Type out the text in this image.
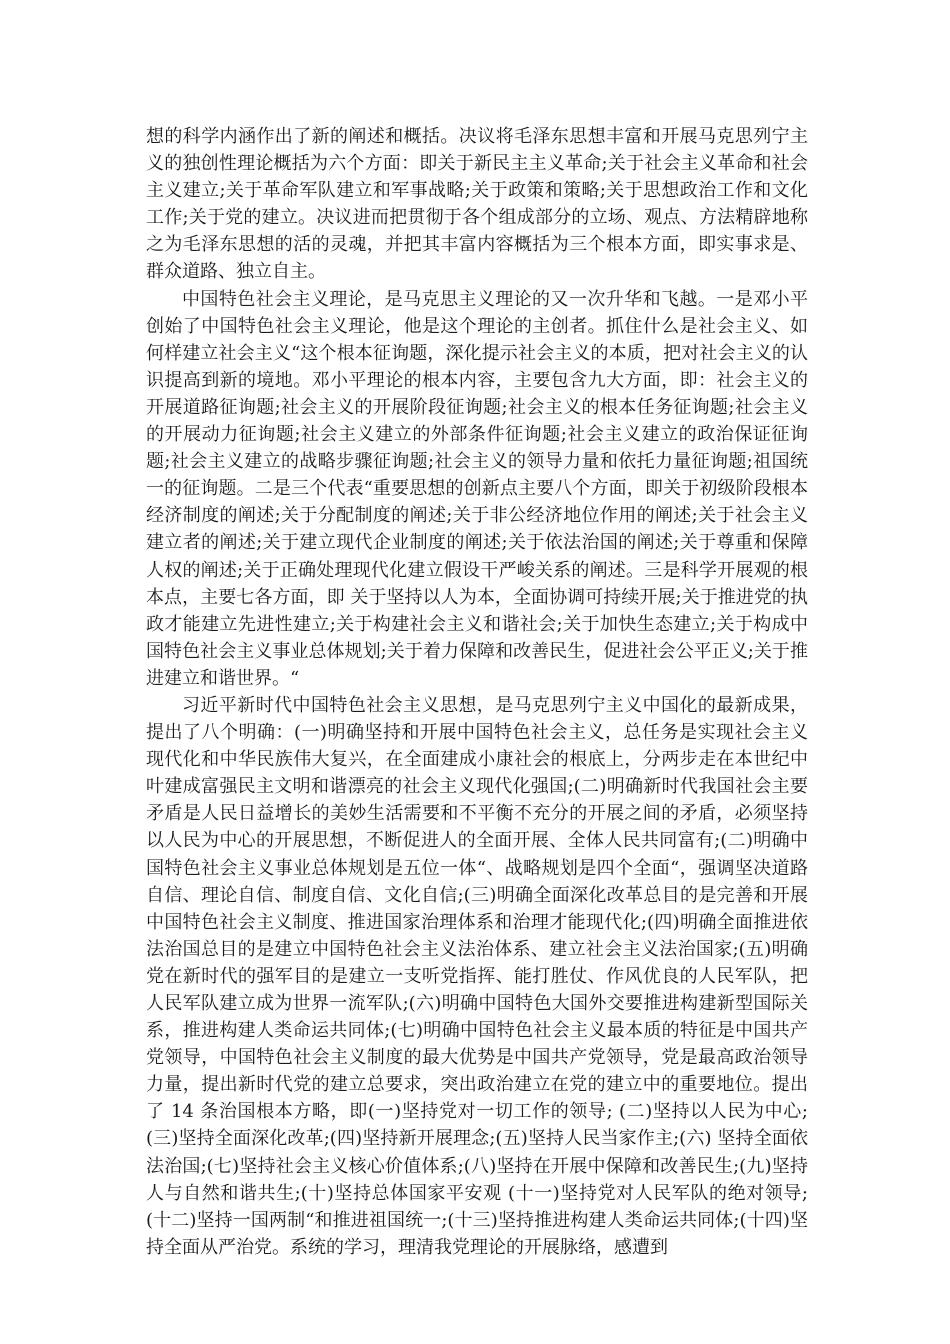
想的科学内涵作出了新的阐述和概括。决议将毛泽东思想丰富和开展马克思列宁主义的独创性理论概括为六个方面：即关于新民主主义革命;关于社会主义革命和社会主义建立;关于革命军队建立和军事战略;关于政策和策略;关于思想政治工作和文化工作;关于党的建立。决议进而把贯彻于各个组成部分的立场、观点、方法精辟地称之为毛泽东思想的活的灵魂，并把其丰富内容概括为三个根本方面，即实事求是、群众道路、独立自主。

中国特色社会主义理论，是马克思主义理论的又一次升华和飞越。一是邓小平创始了中国特色社会主义理论，他是这个理论的主创者。抓住什么是社会主义、如何样建立社会主义“这个根本征询题，深化提示社会主义的本质，把对社会主义的认识提高到新的境地。邓小平理论的根本内容，主要包含九大方面，即：社会主义的开展道路征询题;社会主义的开展阶段征询题;社会主义的根本任务征询题;社会主义的开展动力征询题;社会主义建立的外部条件征询题;社会主义建立的政治保证征询题;社会主义建立的战略步骤征询题;社会主义的领导力量和依托力量征询题;祖国统一的征询题。二是三个代表“重要思想的创新点主要八个方面，即关于初级阶段根本经济制度的阐述;关于分配制度的阐述;关于非公经济地位作用的阐述;关于社会主义建立者的阐述;关于建立现代企业制度的阐述;关于依法治国的阐述;关于尊重和保障人权的阐述;关于正确处理现代化建立假设干严峻关系的阐述。三是科学开展观的根本点，主要七各方面，即 关于坚持以人为本，全面协调可持续开展;关于推进党的执政才能建立先进性建立;关于构建社会主义和谐社会;关于加快生态建立;关于构成中国特色社会主义事业总体规划;关于着力保障和改善民生，促进社会公平正义;关于推进建立和谐世界。“

习近平新时代中国特色社会主义思想，是马克思列宁主义中国化的最新成果，提出了八个明确：(一)明确坚持和开展中国特色社会主义，总任务是实现社会主义现代化和中华民族伟大复兴，在全面建成小康社会的根底上，分两步走在本世纪中叶建成富强民主文明和谐漂亮的社会主义现代化强国;(二)明确新时代我国社会主要矛盾是人民日益增长的美妙生活需要和不平衡不充分的开展之间的矛盾，必须坚持以人民为中心的开展思想，不断促进人的全面开展、全体人民共同富有;(二)明确中国特色社会主义事业总体规划是五位一体“、战略规划是四个全面“，强调坚决道路自信、理论自信、制度自信、文化自信;(三)明确全面深化改革总目的是完善和开展中国特色社会主义制度、推进国家治理体系和治理才能现代化;(四)明确全面推进依法治国总目的是建立中国特色社会主义法治体系、建立社会主义法治国家;(五)明确党在新时代的强军目的是建立一支听党指挥、能打胜仗、作风优良的人民军队，把人民军队建立成为世界一流军队;(六)明确中国特色大国外交要推进构建新型国际关系，推进构建人类命运共同体;(七)明确中国特色社会主义最本质的特征是中国共产党领导，中国特色社会主义制度的最大优势是中国共产党领导，党是最高政治领导力量，提出新时代党的建立总要求，突出政治建立在党的建立中的重要地位。提出了 14 条治国根本方略，即(一)坚持党对一切工作的领导; (二)坚持以人民为中心;(三)坚持全面深化改革;(四)坚持新开展理念;(五)坚持人民当家作主;(六) 坚持全面依法治国;(七)坚持社会主义核心价值体系;(八)坚持在开展中保障和改善民生;(九)坚持人与自然和谐共生;(十)坚持总体国家平安观 (十一)坚持党对人民军队的绝对领导;(十二)坚持一国两制“和推进祖国统一;(十三)坚持推进构建人类命运共同体;(十四)坚持全面从严治党。系统的学习，理清我党理论的开展脉络，感遭到
